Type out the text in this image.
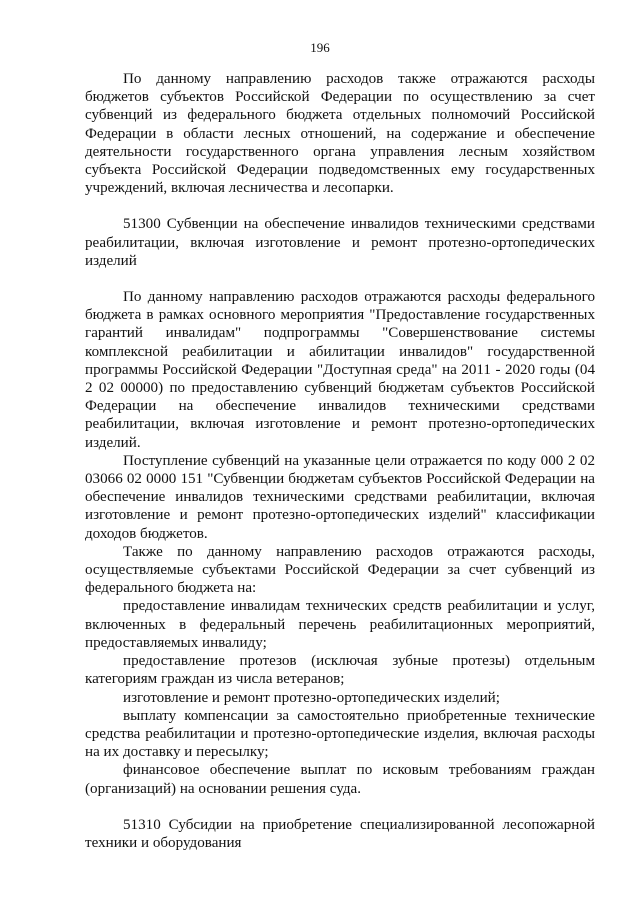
196

По данному направлению расходов также отражаются расходы бюджетов субъектов Российской Федерации по осуществлению за счет субвенций из федерального бюджета отдельных полномочий Российской Федерации в области лесных отношений, на содержание и обеспечение деятельности государственного органа управления лесным хозяйством субъекта Российской Федерации подведомственных ему государственных учреждений, включая лесничества и лесопарки.

51300 Субвенции на обеспечение инвалидов техническими средствами реабилитации, включая изготовление и ремонт протезно-ортопедических изделий

По данному направлению расходов отражаются расходы федерального бюджета в рамках основного мероприятия "Предоставление государственных гарантий инвалидам" подпрограммы "Совершенствование системы комплексной реабилитации и абилитации инвалидов" государственной программы Российской Федерации "Доступная среда" на 2011 - 2020 годы (04 2 02 00000) по предоставлению субвенций бюджетам субъектов Российской Федерации на обеспечение инвалидов техническими средствами реабилитации, включая изготовление и ремонт протезно-ортопедических изделий.

Поступление субвенций на указанные цели отражается по коду 000 2 02 03066 02 0000 151 "Субвенции бюджетам субъектов Российской Федерации на обеспечение инвалидов техническими средствами реабилитации, включая изготовление и ремонт протезно-ортопедических изделий" классификации доходов бюджетов.

Также по данному направлению расходов отражаются расходы, осуществляемые субъектами Российской Федерации за счет субвенций из федерального бюджета на:

предоставление инвалидам технических средств реабилитации и услуг, включенных в федеральный перечень реабилитационных мероприятий, предоставляемых инвалиду;

предоставление протезов (исключая зубные протезы) отдельным категориям граждан из числа ветеранов;

изготовление и ремонт протезно-ортопедических изделий;

выплату компенсации за самостоятельно приобретенные технические средства реабилитации и протезно-ортопедические изделия, включая расходы на их доставку и пересылку;

финансовое обеспечение выплат по исковым требованиям граждан (организаций) на основании решения суда.

51310 Субсидии на приобретение специализированной лесопожарной техники и оборудования
